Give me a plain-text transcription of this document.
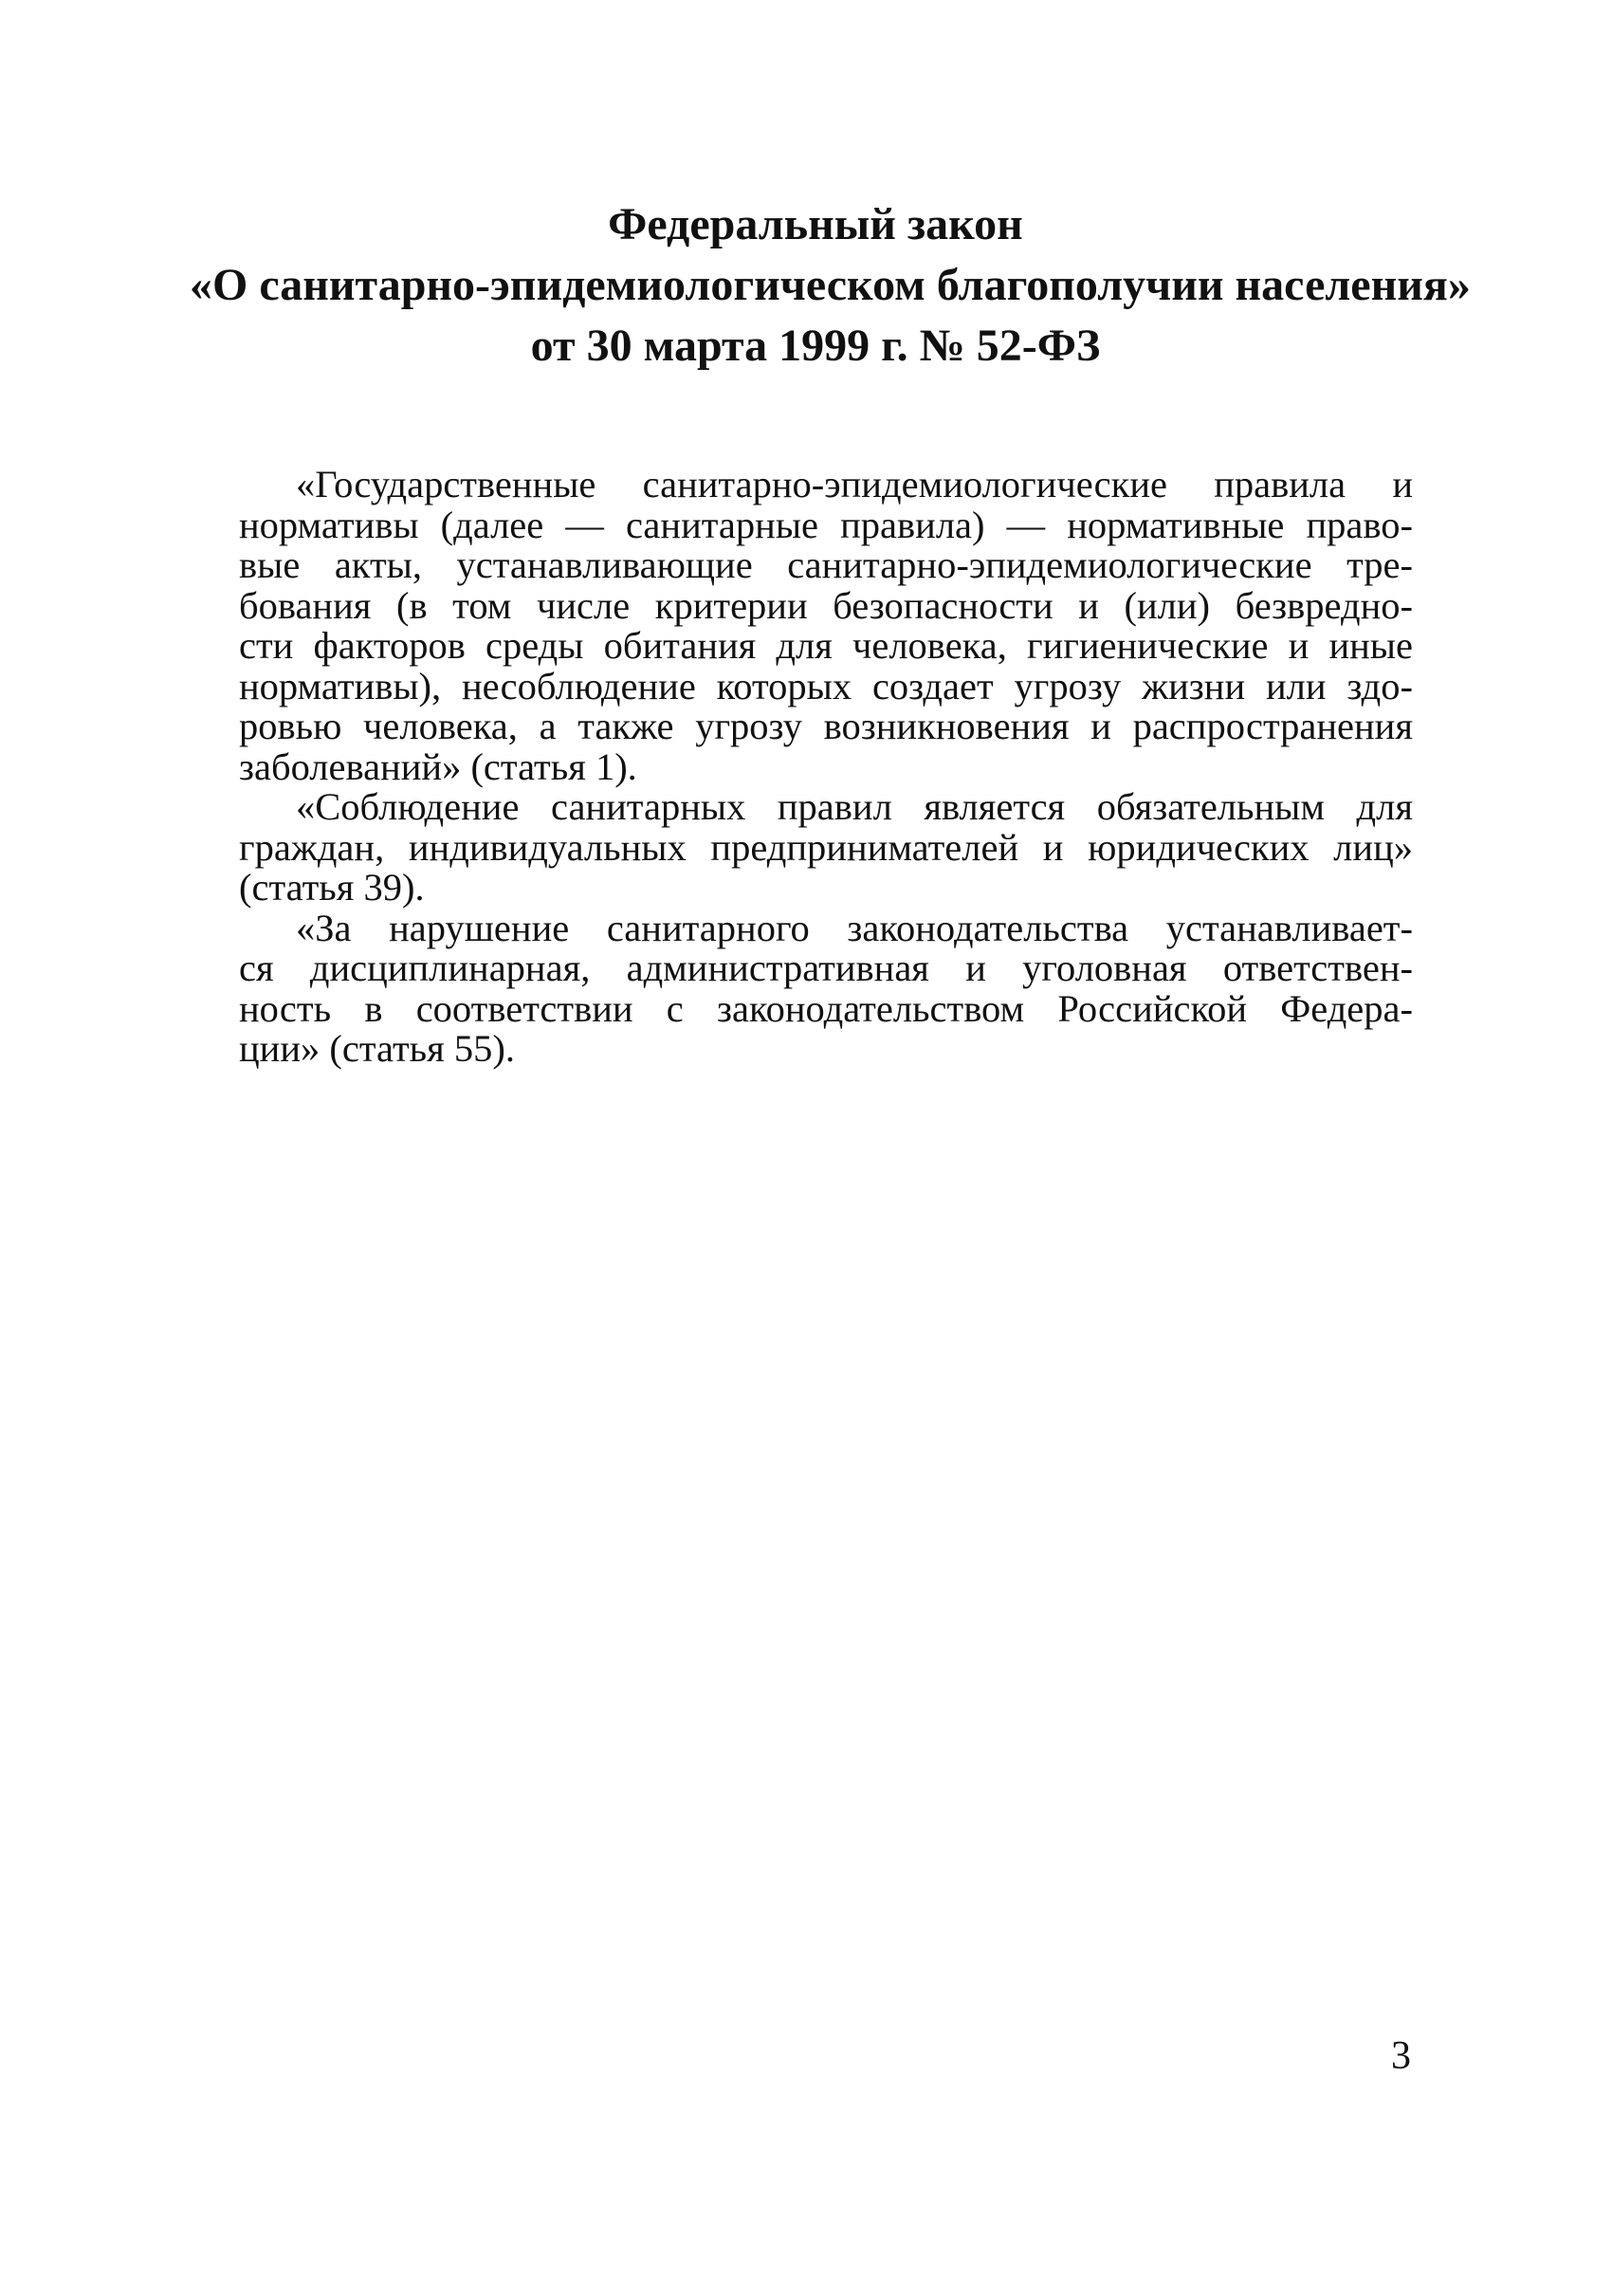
Федеральный закон
«О санитарно-эпидемиологическом благополучии населения»
от 30 марта 1999 г. № 52-ФЗ

«Государственные санитарно-эпидемиологические правила и
нормативы (далее — санитарные правила) — нормативные право-
вые акты, устанавливающие санитарно-эпидемиологические тре-
бования (в том числе критерии безопасности и (или) безвредно-
сти факторов среды обитания для человека, гигиенические и иные
нормативы), несоблюдение которых создает угрозу жизни или здо-
ровью человека, а также угрозу возникновения и распространения
заболеваний» (статья 1).

«Соблюдение санитарных правил является обязательным для
граждан, индивидуальных предпринимателей и юридических лиц»
(статья 39).

«За нарушение санитарного законодательства устанавливает-
ся дисциплинарная, административная и уголовная ответствен-
ность в соответствии с законодательством Российской Федера-
ции» (статья 55).

3
